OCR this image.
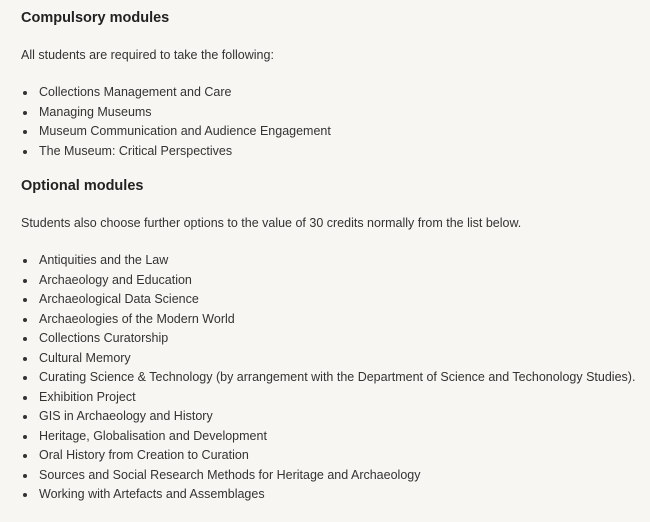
Compulsory modules

All students are required to take the following:

Collections Management and Care
Managing Museums
Museum Communication and Audience Engagement
The Museum: Critical Perspectives
Optional modules

Students also choose further options to the value of 30 credits normally from the list below.

Antiquities and the Law
Archaeology and Education
Archaeological Data Science
Archaeologies of the Modern World
Collections Curatorship
Cultural Memory
Curating Science & Technology (by arrangement with the Department of Science and Techonology Studies).
Exhibition Project
GIS in Archaeology and History
Heritage, Globalisation and Development
Oral History from Creation to Curation
Sources and Social Research Methods for Heritage and Archaeology
Working with Artefacts and Assemblages
